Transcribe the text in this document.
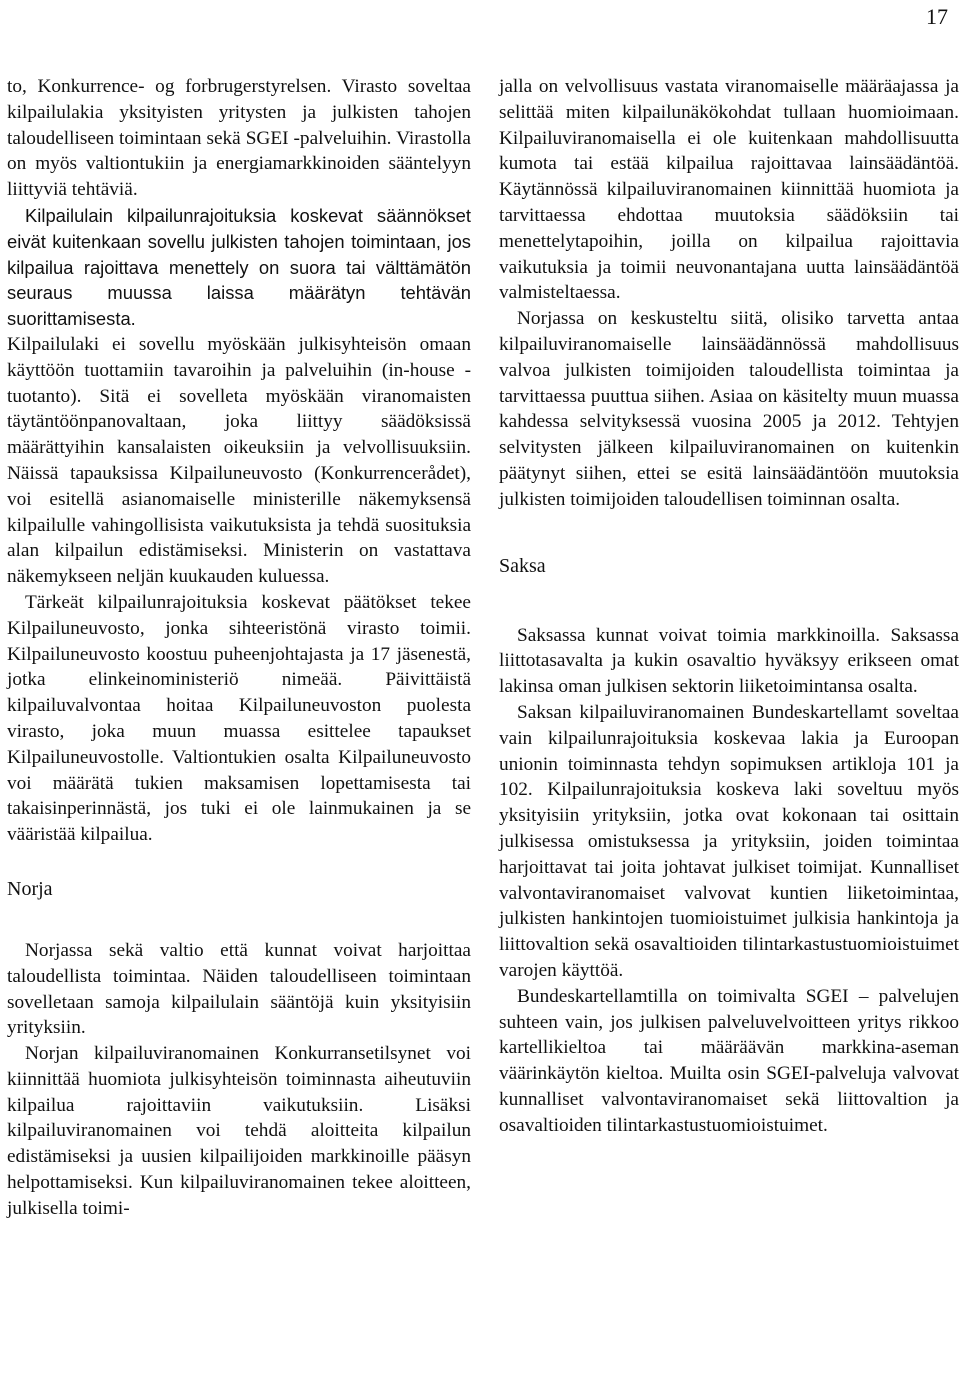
17

to, Konkurrence- og forbrugerstyrelsen. Virasto soveltaa kilpailulakia yksityisten yritysten ja julkisten tahojen taloudelliseen toimintaan sekä SGEI -palveluihin. Virastolla on myös valtiontukiin ja energiamarkkinoiden sääntelyyn liittyviä tehtäviä.

Kilpailulain kilpailunrajoituksia koskevat säännökset eivät kuitenkaan sovellu julkisten tahojen toimintaan, jos kilpailua rajoittava menettely on suora tai välttämätön seuraus muussa laissa määrätyn tehtävän suorittamisesta.

Kilpailulaki ei sovellu myöskään julkisyhteisön omaan käyttöön tuottamiin tavaroihin ja palveluihin (in-house -tuotanto). Sitä ei sovelleta myöskään viranomaisten täytäntöönpanovaltaan, joka liittyy säädöksissä määrättyihin kansalaisten oikeuksiin ja velvollisuuksiin. Näissä tapauksissa Kilpailuneuvosto (Konkurrencerådet), voi esitellä asianomaiselle ministerille näkemyksensä kilpailulle vahingollisista vaikutuksista ja tehdä suosituksia alan kilpailun edistämiseksi. Ministerin on vastattava näkemykseen neljän kuukauden kuluessa.

Tärkeät kilpailunrajoituksia koskevat päätökset tekee Kilpailuneuvosto, jonka sihteeristönä virasto toimii. Kilpailuneuvosto koostuu puheenjohtajasta ja 17 jäsenestä, jotka elinkeinoministeriö nimeää. Päivittäistä kilpailuvalvontaa hoitaa Kilpailuneuvoston puolesta virasto, joka muun muassa esittelee tapaukset Kilpailuneuvostolle. Valtiontukien osalta Kilpailuneuvosto voi määrätä tukien maksamisen lopettamisesta tai takaisinperinnästä, jos tuki ei ole lainmukainen ja se vääristää kilpailua.

Norja

Norjassa sekä valtio että kunnat voivat harjoittaa taloudellista toimintaa. Näiden taloudelliseen toimintaan sovelletaan samoja kilpailulain sääntöjä kuin yksityisiin yrityksiin.

Norjan kilpailuviranomainen Konkurransetilsynet voi kiinnittää huomiota julkisyhteisön toiminnasta aiheutuviin kilpailua rajoittaviin vaikutuksiin. Lisäksi kilpailuviranomainen voi tehdä aloitteita kilpailun edistämiseksi ja uusien kilpailijoiden markkinoille pääsyn helpottamiseksi. Kun kilpailuviranomainen tekee aloitteen, julkisella toimi-

jalla on velvollisuus vastata viranomaiselle määräajassa ja selittää miten kilpailunäkökohdat tullaan huomioimaan. Kilpailuviranomaisella ei ole kuitenkaan mahdollisuutta kumota tai estää kilpailua rajoittavaa lainsäädäntöä. Käytännössä kilpailuviranomainen kiinnittää huomiota ja tarvittaessa ehdottaa muutoksia säädöksiin tai menettelytapoihin, joilla on kilpailua rajoittavia vaikutuksia ja toimii neuvonantajana uutta lainsäädäntöä valmisteltaessa.

Norjassa on keskusteltu siitä, olisiko tarvetta antaa kilpailuviranomaiselle lainsäädännössä mahdollisuus valvoa julkisten toimijoiden taloudellista toimintaa ja tarvittaessa puuttua siihen. Asiaa on käsitelty muun muassa kahdessa selvityksessä vuosina 2005 ja 2012. Tehtyjen selvitysten jälkeen kilpailuviranomainen on kuitenkin päätynyt siihen, ettei se esitä lainsäädäntöön muutoksia julkisten toimijoiden taloudellisen toiminnan osalta.

Saksa

Saksassa kunnat voivat toimia markkinoilla. Saksassa liittotasavalta ja kukin osavaltio hyväksyy erikseen omat lakinsa oman julkisen sektorin liiketoimintansa osalta.

Saksan kilpailuviranomainen Bundeskartellamt soveltaa vain kilpailunrajoituksia koskevaa lakia ja Euroopan unionin toiminnasta tehdyn sopimuksen artikloja 101 ja 102. Kilpailunrajoituksia koskeva laki soveltuu myös yksityisiin yrityksiin, jotka ovat kokonaan tai osittain julkisessa omistuksessa ja yrityksiin, joiden toimintaa harjoittavat tai joita johtavat julkiset toimijat. Kunnalliset valvontaviranomaiset valvovat kuntien liiketoimintaa, julkisten hankintojen tuomioistuimet julkisia hankintoja ja liittovaltion sekä osavaltioiden tilintarkastustuomioistuimet varojen käyttöä.

Bundeskartellamtilla on toimivalta SGEI – palvelujen suhteen vain, jos julkisen palveluvelvoitteen yritys rikkoo kartellikieltoa tai määräävän markkina-aseman väärinkäytön kieltoa. Muilta osin SGEI-palveluja valvovat kunnalliset valvontaviranomaiset sekä liittovaltion ja osavaltioiden tilintarkastustuomioistuimet.
